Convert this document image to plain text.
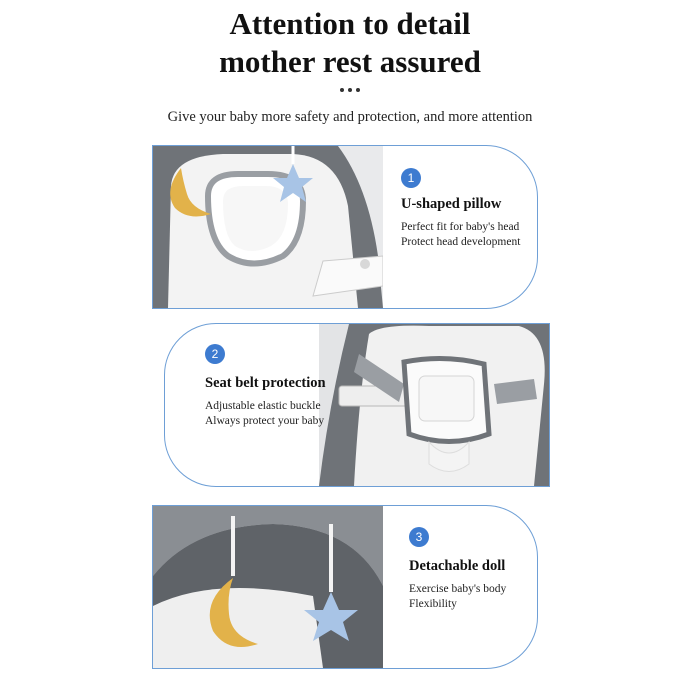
Attention to detail
mother rest assured
Give your baby more safety and protection, and more attention
1
U-shaped pillow
Perfect fit for baby's head
Protect head development
2
Seat belt protection
Adjustable elastic buckle
Always protect your baby
3
Detachable doll
Exercise baby's body
Flexibility
